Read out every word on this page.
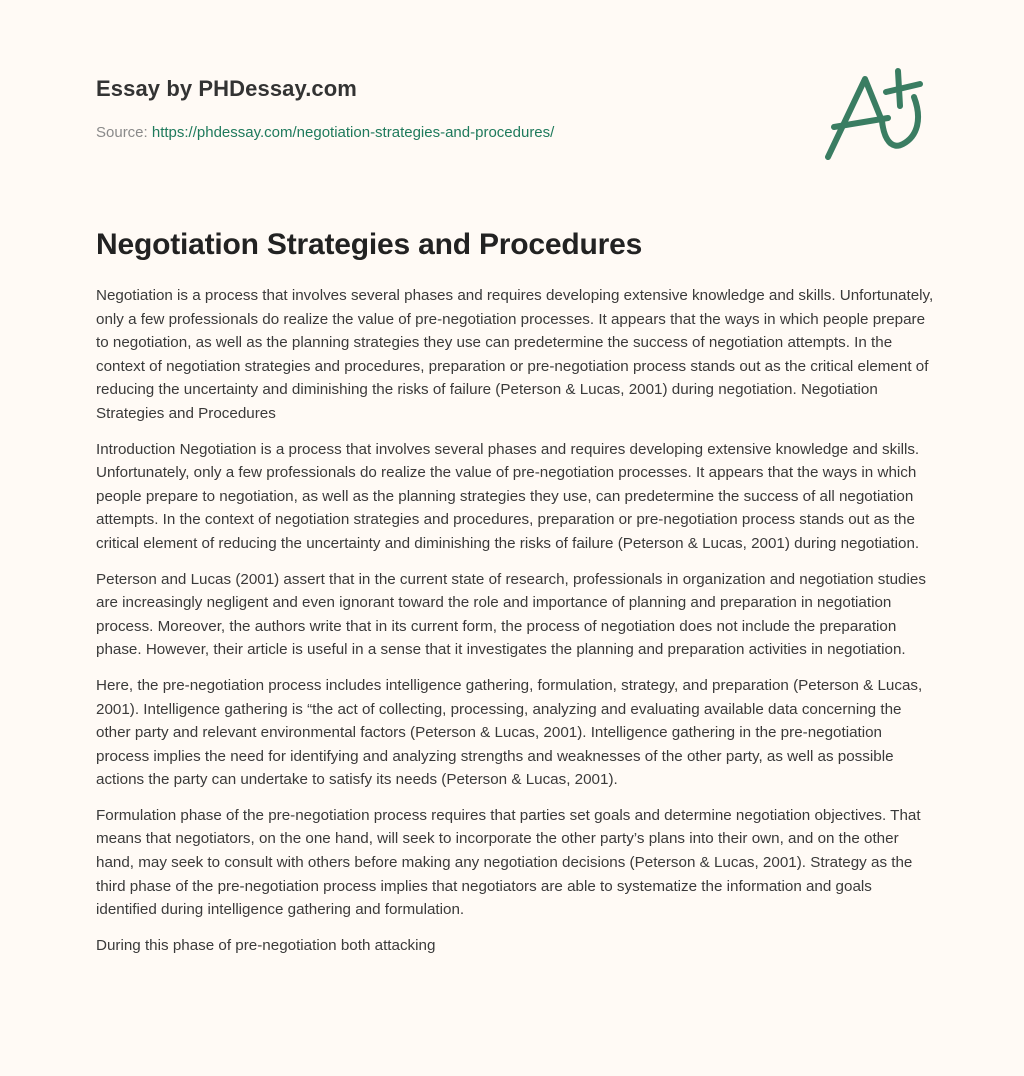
Essay by PHDessay.com
Source: https://phdessay.com/negotiation-strategies-and-procedures/
Negotiation Strategies and Procedures

Negotiation is a process that involves several phases and requires developing extensive knowledge and skills. Unfortunately, only a few professionals do realize the value of pre-negotiation processes. It appears that the ways in which people prepare to negotiation, as well as the planning strategies they use can predetermine the success of negotiation attempts. In the context of negotiation strategies and procedures, preparation or pre-negotiation process stands out as the critical element of reducing the uncertainty and diminishing the risks of failure (Peterson & Lucas, 2001) during negotiation. Negotiation Strategies and Procedures

Introduction Negotiation is a process that involves several phases and requires developing extensive knowledge and skills. Unfortunately, only a few professionals do realize the value of pre-negotiation processes. It appears that the ways in which people prepare to negotiation, as well as the planning strategies they use, can predetermine the success of all negotiation attempts. In the context of negotiation strategies and procedures, preparation or pre-negotiation process stands out as the critical element of reducing the uncertainty and diminishing the risks of failure (Peterson & Lucas, 2001) during negotiation.

Peterson and Lucas (2001) assert that in the current state of research, professionals in organization and negotiation studies are increasingly negligent and even ignorant toward the role and importance of planning and preparation in negotiation process. Moreover, the authors write that in its current form, the process of negotiation does not include the preparation phase. However, their article is useful in a sense that it investigates the planning and preparation activities in negotiation.

Here, the pre-negotiation process includes intelligence gathering, formulation, strategy, and preparation (Peterson & Lucas, 2001). Intelligence gathering is “the act of collecting, processing, analyzing and evaluating available data concerning the other party and relevant environmental factors (Peterson & Lucas, 2001). Intelligence gathering in the pre-negotiation process implies the need for identifying and analyzing strengths and weaknesses of the other party, as well as possible actions the party can undertake to satisfy its needs (Peterson & Lucas, 2001).

Formulation phase of the pre-negotiation process requires that parties set goals and determine negotiation objectives. That means that negotiators, on the one hand, will seek to incorporate the other party’s plans into their own, and on the other hand, may seek to consult with others before making any negotiation decisions (Peterson & Lucas, 2001). Strategy as the third phase of the pre-negotiation process implies that negotiators are able to systematize the information and goals identified during intelligence gathering and formulation.

During this phase of pre-negotiation both attacking
